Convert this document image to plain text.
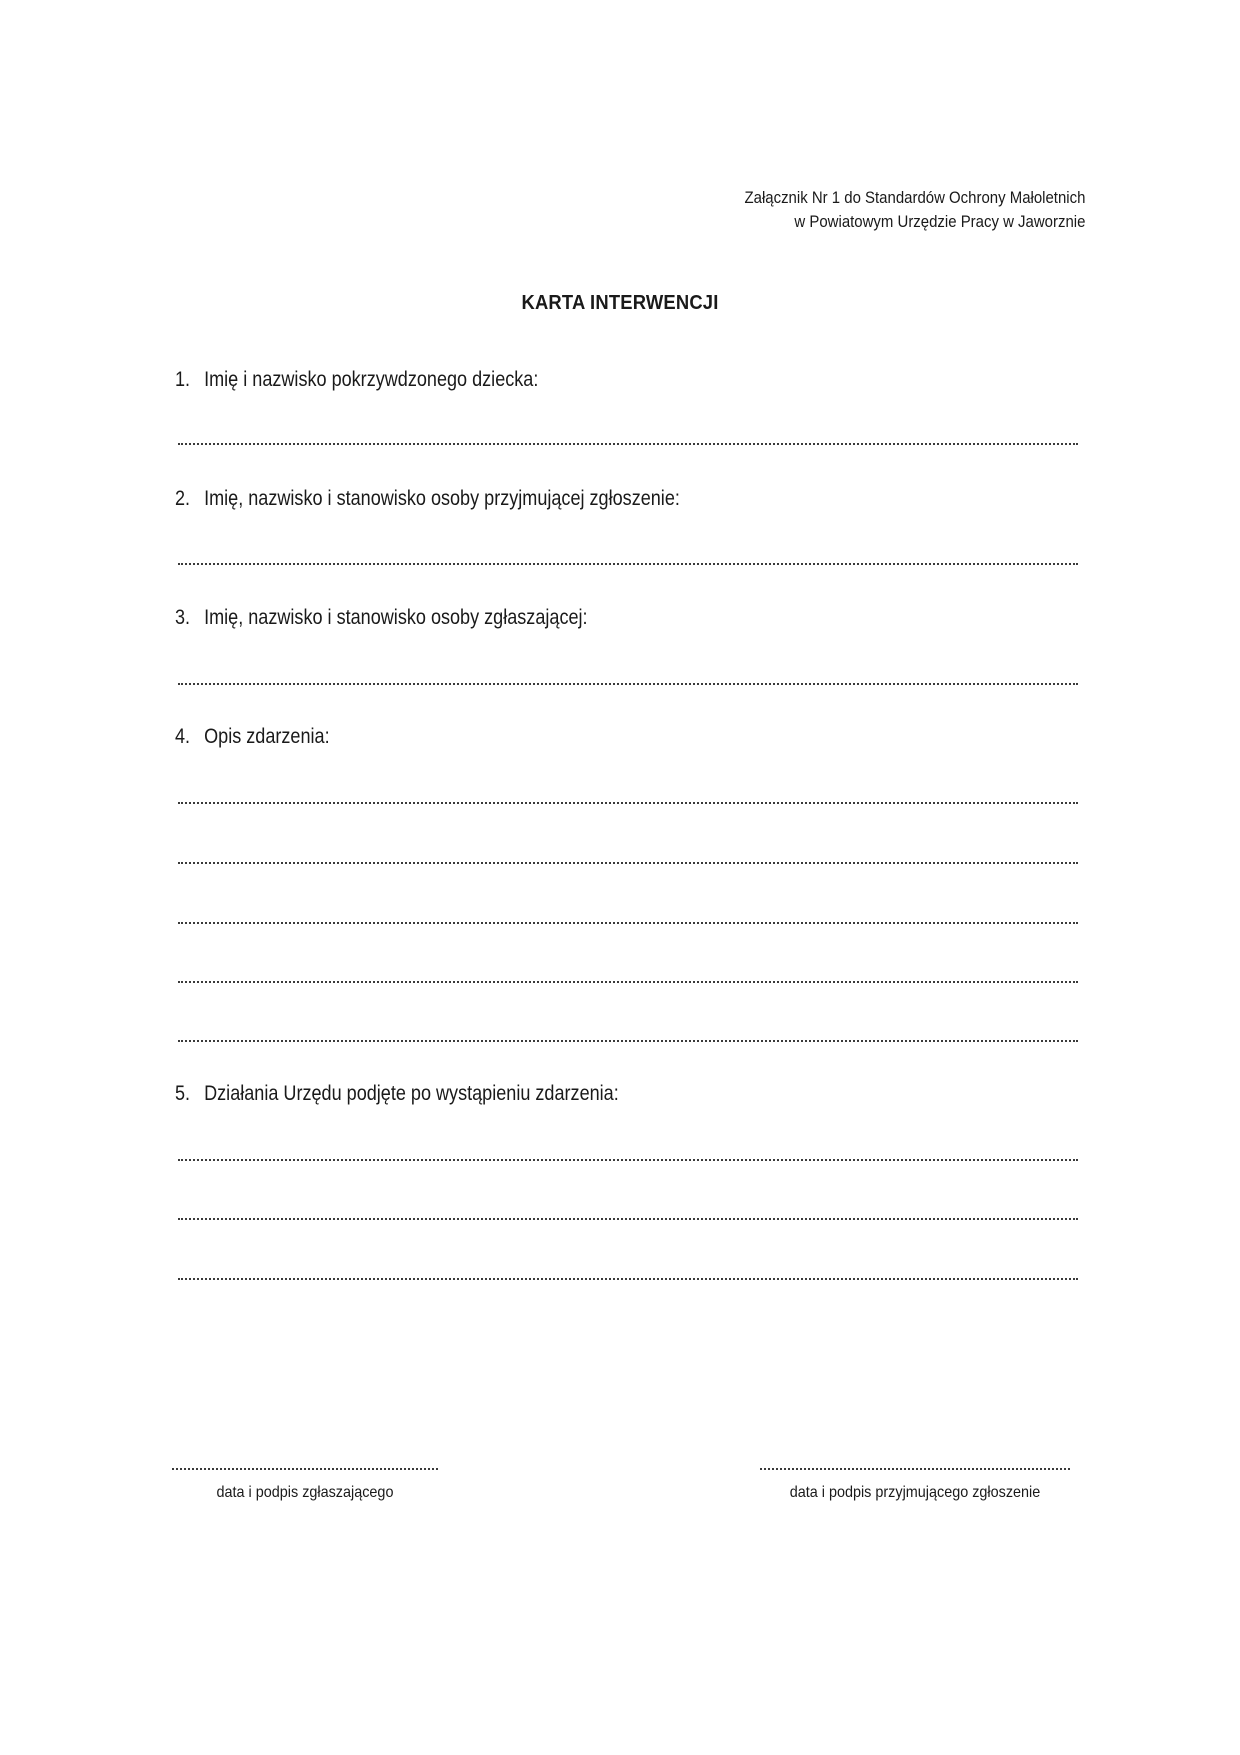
Załącznik Nr 1 do Standardów Ochrony Małoletnich
w Powiatowym Urzędzie Pracy w Jaworznie
KARTA INTERWENCJI
1. Imię i nazwisko pokrzywdzonego dziecka:
2. Imię, nazwisko i stanowisko osoby przyjmującej zgłoszenie:
3. Imię, nazwisko i stanowisko osoby zgłaszającej:
4. Opis zdarzenia:
5. Działania Urzędu podjęte po wystąpieniu zdarzenia:
data i podpis zgłaszającego	data i podpis przyjmującego zgłoszenie
